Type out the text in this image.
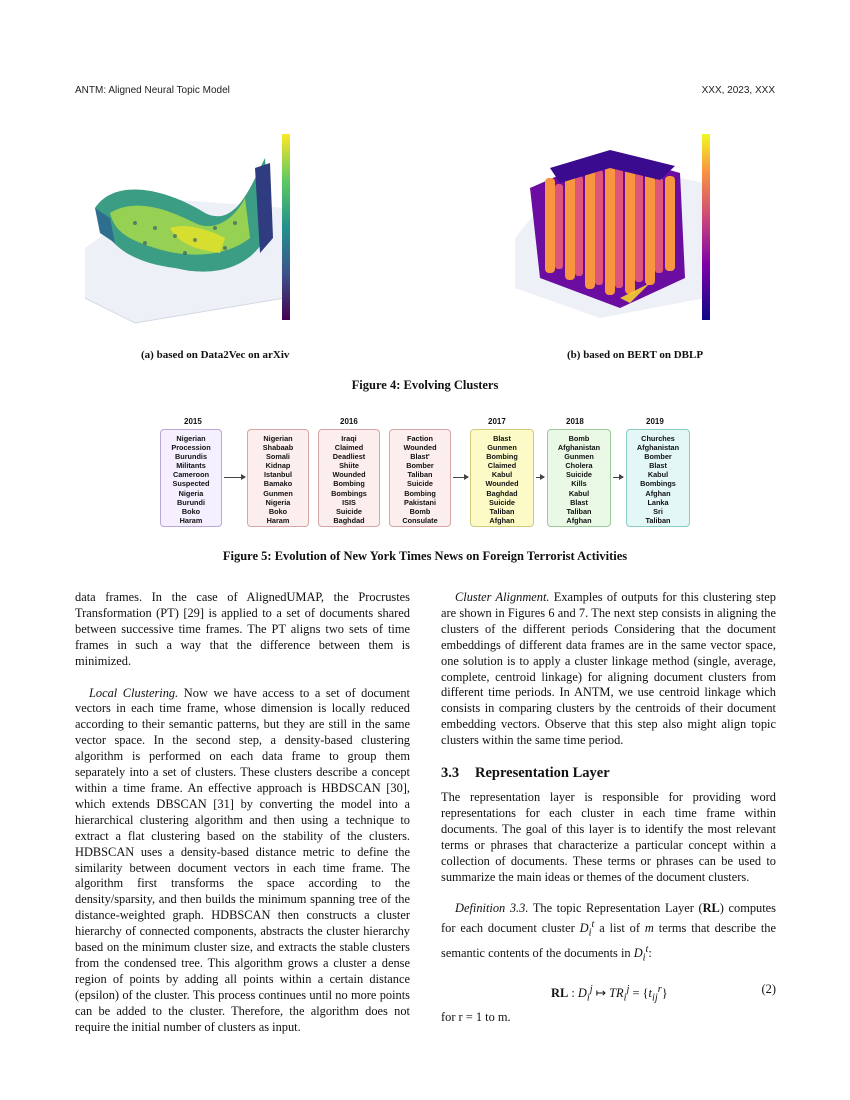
ANTM: Aligned Neural Topic Model	XXX, 2023, XXX
(a) based on Data2Vec on arXiv	(b) based on BERT on DBLP
Figure 4: Evolving Clusters
2015	2016	2017	2018	2019
Nigerian
Procession
Burundis
Militants
Cameroon
Suspected
Nigeria
Burundi
Boko
Haram
Nigerian
Shabaab
Somali
Kidnap
Istanbul
Bamako
Gunmen
Nigeria
Boko
Haram
Iraqi
Claimed
Deadliest
Shiite
Wounded
Bombing
Bombings
ISIS
Suicide
Baghdad
Faction
Wounded
Blast'
Bomber
Taliban
Suicide
Bombing
Pakistani
Bomb
Consulate
Blast
Gunmen
Bombing
Claimed
Kabul
Wounded
Baghdad
Suicide
Taliban
Afghan
Bomb
Afghanistan
Gunmen
Cholera
Suicide
Kills
Kabul
Blast
Taliban
Afghan
Churches
Afghanistan
Bomber
Blast
Kabul
Bombings
Afghan
Lanka
Sri
Taliban
Figure 5: Evolution of New York Times News on Foreign Terrorist Activities

data frames. In the case of AlignedUMAP, the Procrustes Transformation (PT) [29] is applied to a set of documents shared between successive time frames. The PT aligns two sets of time frames in such a way that the difference between them is minimized.

Local Clustering. Now we have access to a set of document vectors in each time frame, whose dimension is locally reduced according to their semantic patterns, but they are still in the same vector space. In the second step, a density-based clustering algorithm is performed on each data frame to group them separately into a set of clusters. These clusters describe a concept within a time frame. An effective approach is HBDSCAN [30], which extends DBSCAN [31] by converting the model into a hierarchical clustering algorithm and then using a technique to extract a flat clustering based on the stability of the clusters. HDBSCAN uses a density-based distance metric to define the similarity between document vectors in each time frame. The algorithm first transforms the space according to the density/sparsity, and then builds the minimum spanning tree of the distance-weighted graph. HDBSCAN then constructs a cluster hierarchy of connected components, abstracts the cluster hierarchy based on the minimum cluster size, and extracts the stable clusters from the condensed tree. This algorithm grows a cluster a dense region of points by adding all points within a certain distance (epsilon) of the cluster. This process continues until no more points can be added to the cluster. Therefore, the algorithm does not require the initial number of clusters as input.

Cluster Alignment. Examples of outputs for this clustering step are shown in Figures 6 and 7. The next step consists in aligning the clusters of the different periods Considering that the document embeddings of different data frames are in the same vector space, one solution is to apply a cluster linkage method (single, average, complete, centroid linkage) for aligning document clusters from different time periods. In ANTM, we use centroid linkage which consists in comparing clusters by the centroids of their document embedding vectors. Observe that this step also might align topic clusters within the same time period.

3.3 Representation Layer

The representation layer is responsible for providing word representations for each cluster in each time frame within documents. The goal of this layer is to identify the most relevant terms or phrases that characterize a particular concept within a collection of documents. These terms or phrases can be used to summarize the main ideas or themes of the document clusters.

Definition 3.3. The topic Representation Layer (RL) computes for each document cluster $D_i^t$ a list of m terms that describe the semantic contents of the documents in $D_i^t$:

RL : $D_i^j$ ↦ $TR_i^j = \{t_{ij}^r\}$	(2)

for r = 1 to m.
